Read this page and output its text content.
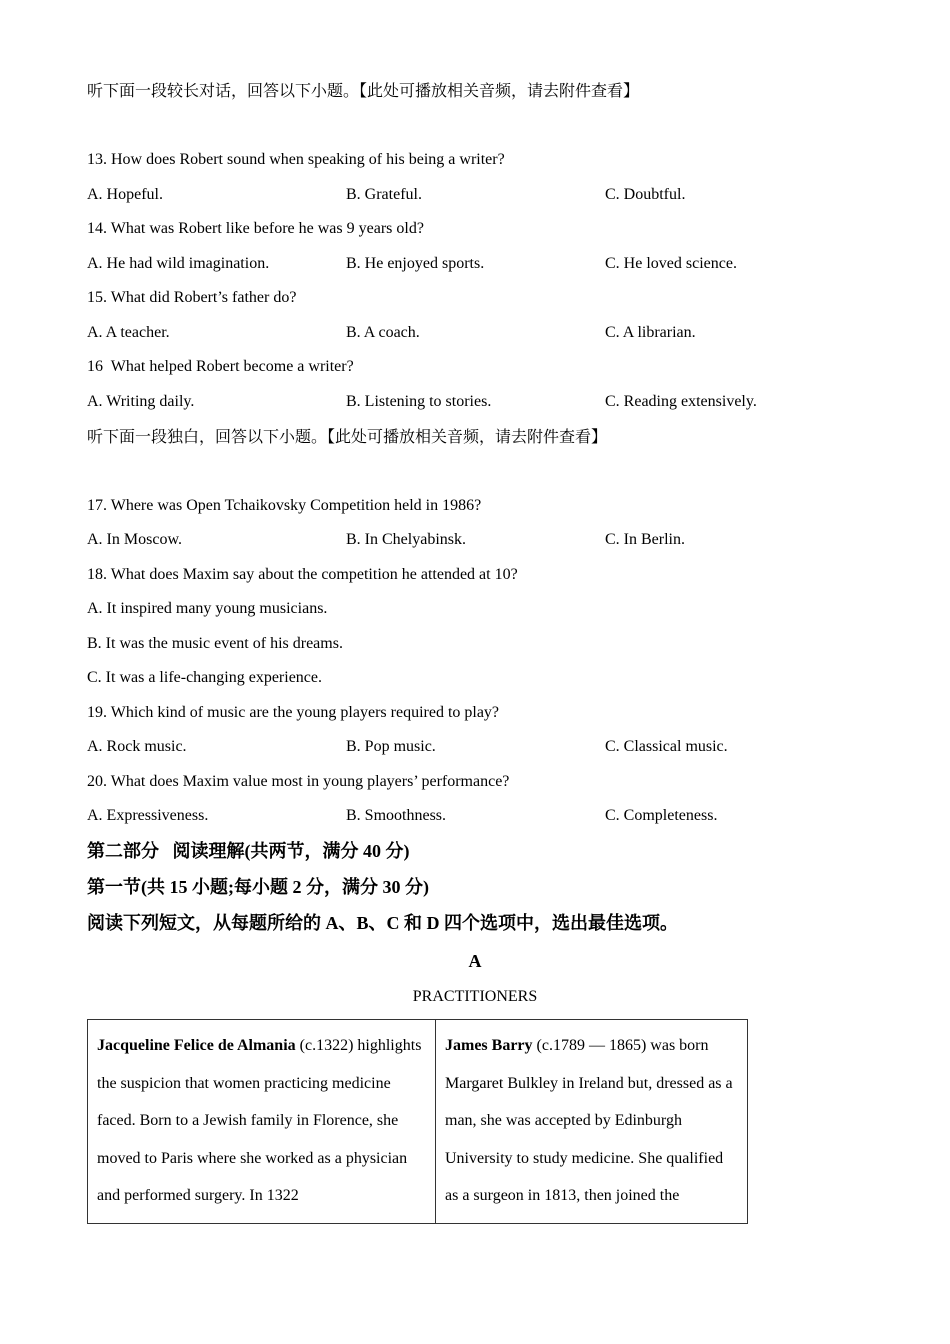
听下面一段较长对话，回答以下小题。【此处可播放相关音频，请去附件查看】
13. How does Robert sound when speaking of his being a writer?
A. Hopeful.	B. Grateful.	C. Doubtful.
14. What was Robert like before he was 9 years old?
A. He had wild imagination.	B. He enjoyed sports.	C. He loved science.
15. What did Robert’s father do?
A. A teacher.	B. A coach.	C. A librarian.
16  What helped Robert become a writer?
A. Writing daily.	B. Listening to stories.	C. Reading extensively.
听下面一段独白，回答以下小题。【此处可播放相关音频，请去附件查看】
17. Where was Open Tchaikovsky Competition held in 1986?
A. In Moscow.	B. In Chelyabinsk.	C. In Berlin.
18. What does Maxim say about the competition he attended at 10?
A. It inspired many young musicians.
B. It was the music event of his dreams.
C. It was a life-changing experience.
19. Which kind of music are the young players required to play?
A. Rock music.	B. Pop music.	C. Classical music.
20. What does Maxim value most in young players’ performance?
A. Expressiveness.	B. Smoothness.	C. Completeness.
第二部分   阅读理解(共两节，满分 40 分)
第一节(共 15 小题;每小题 2 分，满分 30 分)
阅读下列短文，从每题所给的 A、B、C 和 D 四个选项中，选出最佳选项。
A
PRACTITIONERS
Jacqueline Felice de Almania (c.1322) highlights the suspicion that women practicing medicine faced. Born to a Jewish family in Florence, she moved to Paris where she worked as a physician and performed surgery. In 1322	James Barry (c.1789 — 1865) was born Margaret Bulkley in Ireland but, dressed as a man, she was accepted by Edinburgh University to study medicine. She qualified as a surgeon in 1813, then joined the
